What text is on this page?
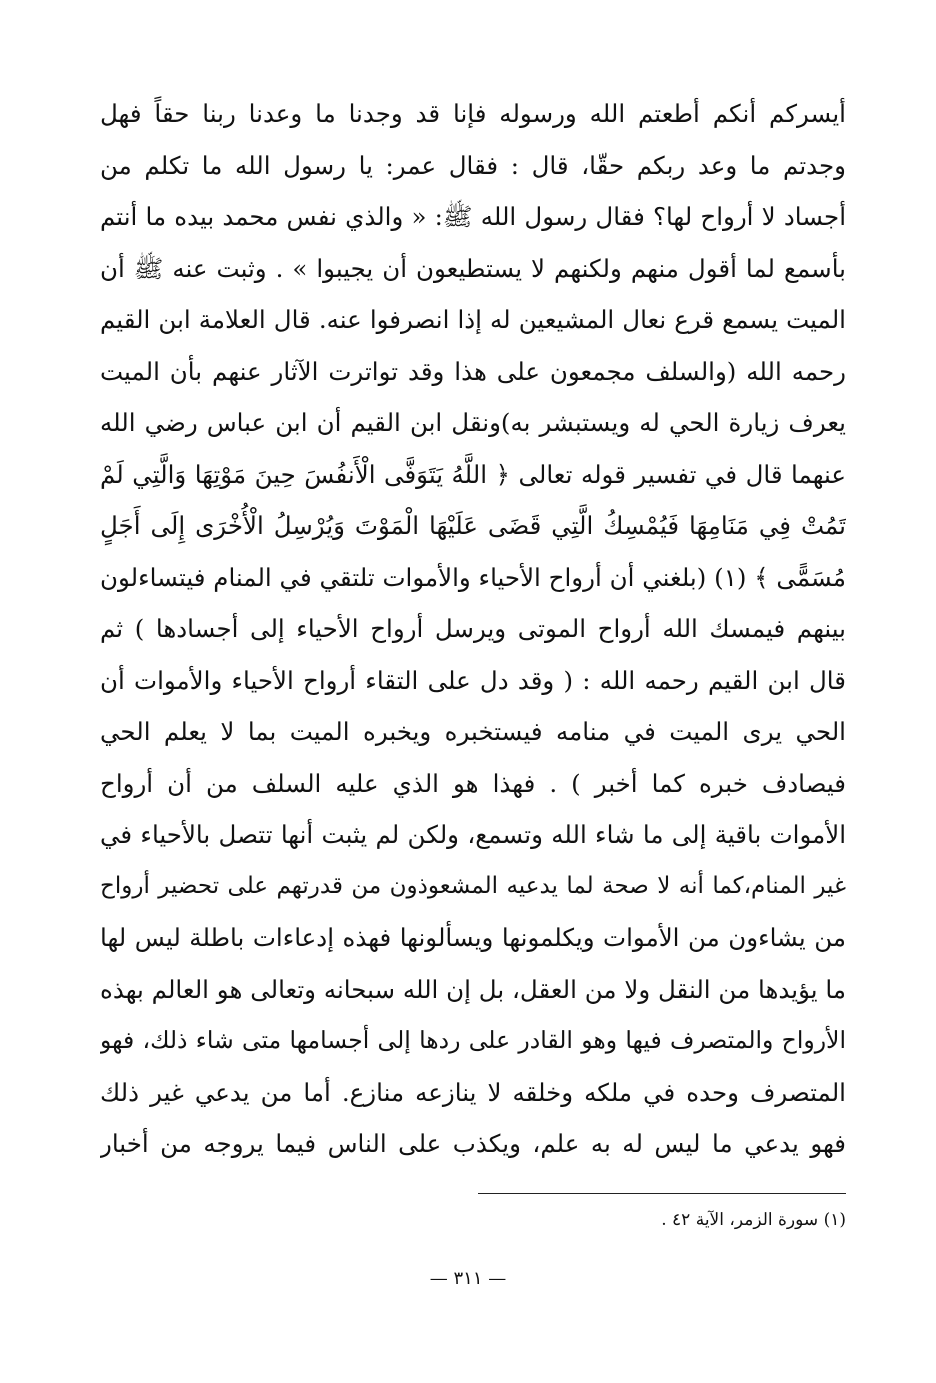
أيسركم أنكم أطعتم الله ورسوله فإنا قد وجدنا ما وعدنا ربنا حقاً فهل
وجدتم ما وعد ربكم حقّا، قال : فقال عمر: يا رسول الله ما تكلم من
أجساد لا أرواح لها؟ فقال رسول الله ﷺ: « والذي نفس محمد بيده ما أنتم
بأسمع لما أقول منهم ولكنهم لا يستطيعون أن يجيبوا » . وثبت عنه ﷺ أن
الميت يسمع قرع نعال المشيعين له إذا انصرفوا عنه. قال العلامة ابن القيم
رحمه الله (والسلف مجمعون على هذا وقد تواترت الآثار عنهم بأن الميت
يعرف زيارة الحي له ويستبشر به)ونقل ابن القيم أن ابن عباس رضي الله
عنهما قال في تفسير قوله تعالى ﴿ اللَّهُ يَتَوَفَّى الْأَنفُسَ حِينَ مَوْتِهَا وَالَّتِي لَمْ
تَمُتْ فِي مَنَامِهَا فَيُمْسِكُ الَّتِي قَضَى عَلَيْهَا الْمَوْتَ وَيُرْسِلُ الْأُخْرَى إِلَى أَجَلٍ
مُسَمًّى ﴾ (١) (بلغني أن أرواح الأحياء والأموات تلتقي في المنام فيتساءلون
بينهم فيمسك الله أرواح الموتى ويرسل أرواح الأحياء إلى أجسادها ) ثم
قال ابن القيم رحمه الله : ( وقد دل على التقاء أرواح الأحياء والأموات أن
الحي يرى الميت في منامه فيستخبره ويخبره الميت بما لا يعلم الحي
فيصادف خبره كما أخبر ) . فهذا هو الذي عليه السلف من أن أرواح
الأموات باقية إلى ما شاء الله وتسمع، ولكن لم يثبت أنها تتصل بالأحياء في
غير المنام،كما أنه لا صحة لما يدعيه المشعوذون من قدرتهم على تحضير أرواح
من يشاءون من الأموات ويكلمونها ويسألونها فهذه إدعاءات باطلة ليس لها
ما يؤيدها من النقل ولا من العقل، بل إن الله سبحانه وتعالى هو العالم بهذه
الأرواح والمتصرف فيها وهو القادر على ردها إلى أجسامها متى شاء ذلك، فهو
المتصرف وحده في ملكه وخلقه لا ينازعه منازع. أما من يدعي غير ذلك
فهو يدعي ما ليس له به علم، ويكذب على الناس فيما يروجه من أخبار
(١) سورة الزمر، الآية ٤٢ .
— ٣١١ —
